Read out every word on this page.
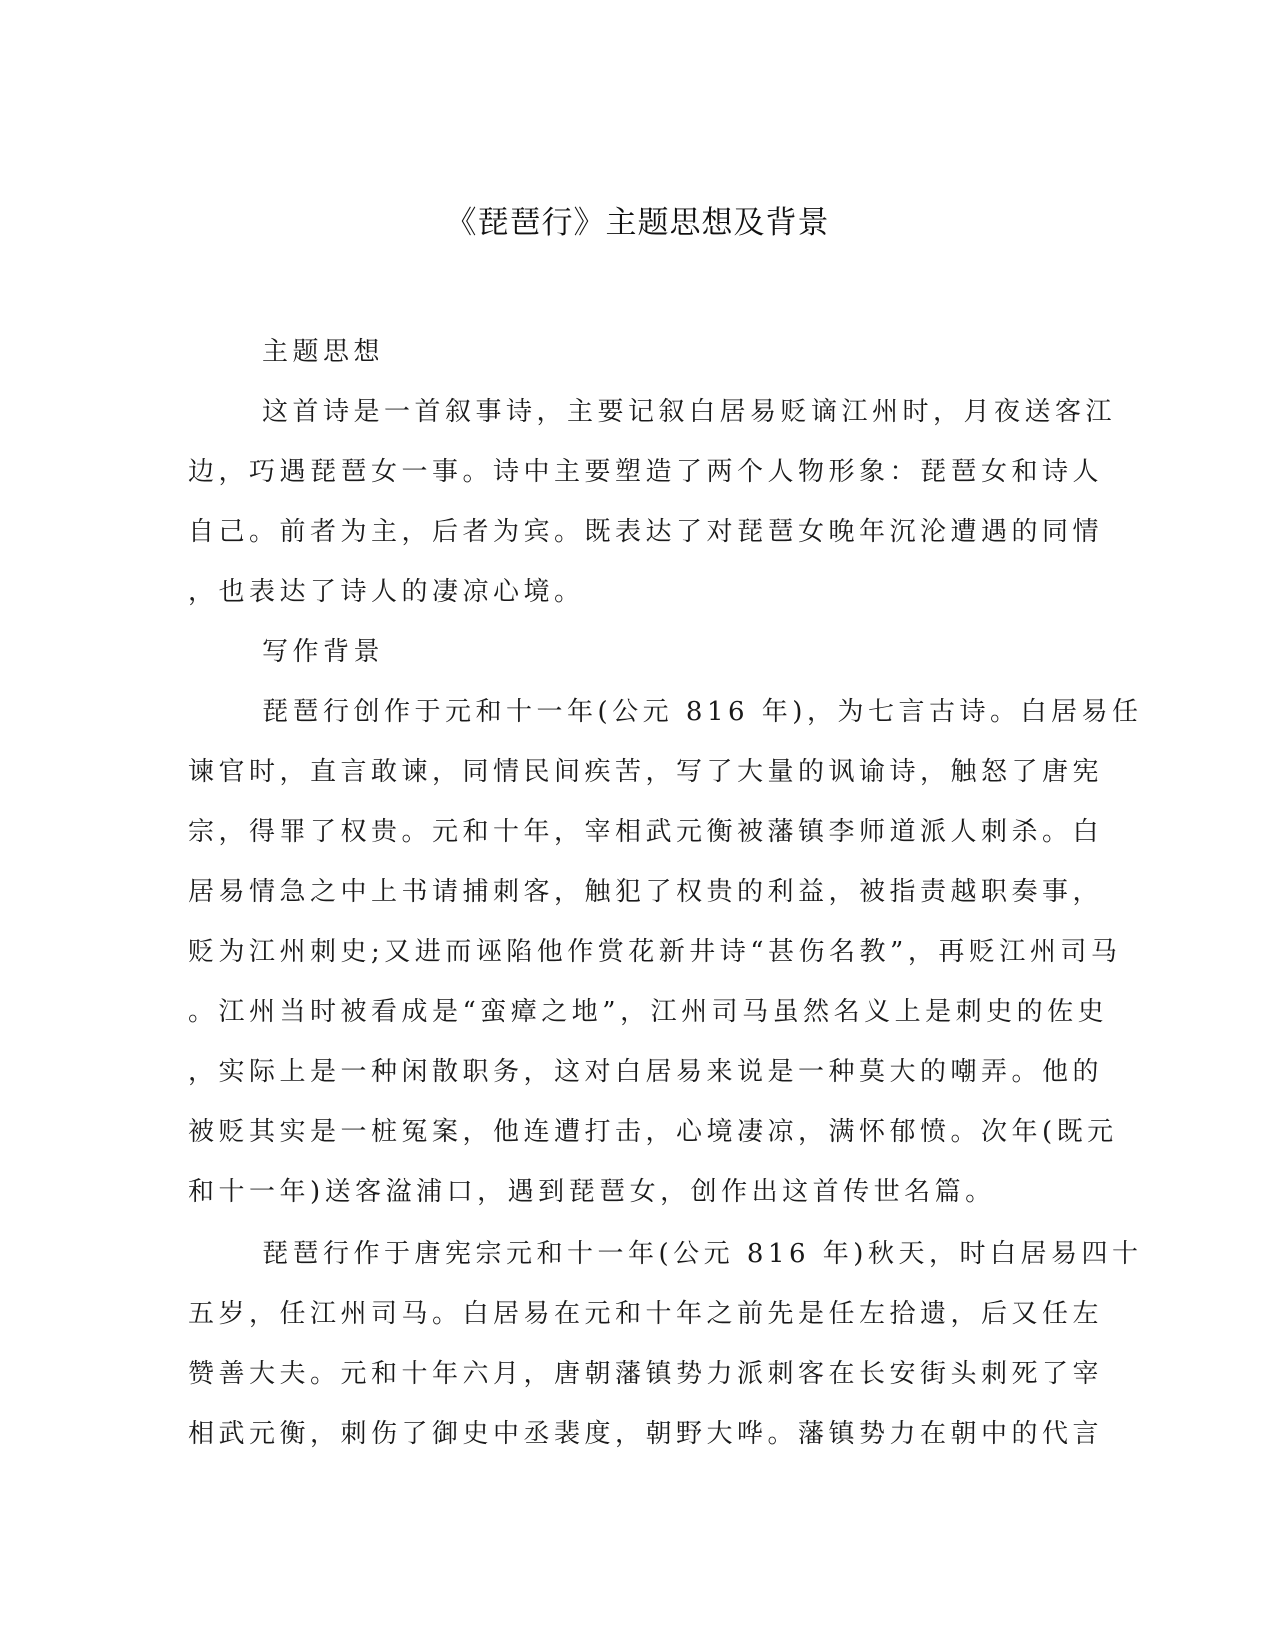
《琵琶行》主题思想及背景
主题思想
这首诗是一首叙事诗，主要记叙白居易贬谪江州时，月夜送客江
边，巧遇琵琶女一事。诗中主要塑造了两个人物形象：琵琶女和诗人
自己。前者为主，后者为宾。既表达了对琵琶女晚年沉沦遭遇的同情
，也表达了诗人的凄凉心境。
写作背景
琵琶行创作于元和十一年(公元 816 年)，为七言古诗。白居易任
谏官时，直言敢谏，同情民间疾苦，写了大量的讽谕诗，触怒了唐宪
宗，得罪了权贵。元和十年，宰相武元衡被藩镇李师道派人刺杀。白
居易情急之中上书请捕刺客，触犯了权贵的利益，被指责越职奏事，
贬为江州刺史;又进而诬陷他作赏花新井诗“甚伤名教”，再贬江州司马
。江州当时被看成是“蛮瘴之地”，江州司马虽然名义上是刺史的佐史
，实际上是一种闲散职务，这对白居易来说是一种莫大的嘲弄。他的
被贬其实是一桩冤案，他连遭打击，心境凄凉，满怀郁愤。次年(既元
和十一年)送客湓浦口，遇到琵琶女，创作出这首传世名篇。
琵琶行作于唐宪宗元和十一年(公元 816 年)秋天，时白居易四十
五岁，任江州司马。白居易在元和十年之前先是任左拾遗，后又任左
赞善大夫。元和十年六月，唐朝藩镇势力派刺客在长安街头刺死了宰
相武元衡，刺伤了御史中丞裴度，朝野大哗。藩镇势力在朝中的代言
